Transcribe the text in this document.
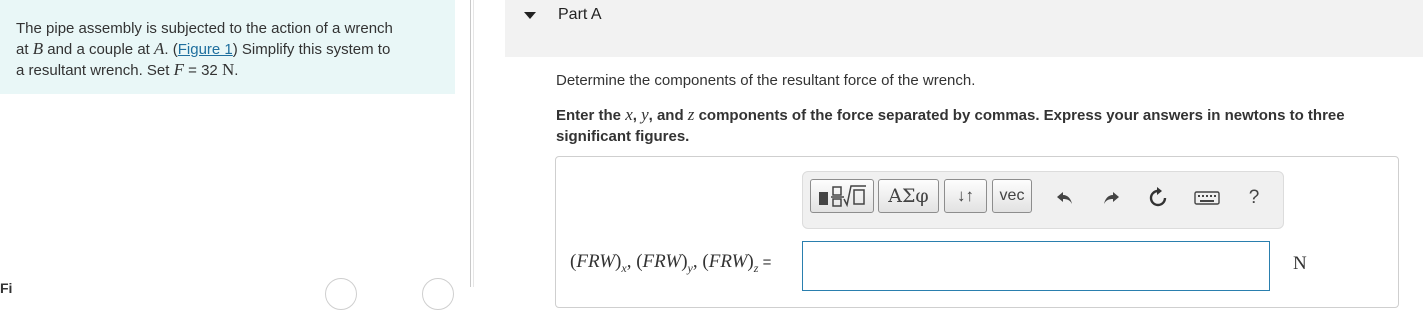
The pipe assembly is subjected to the action of a wrench
at B and a couple at A. (Figure 1) Simplify this system to
a resultant wrench. Set F = 32 N.
Fi
Part A
Determine the components of the resultant force of the wrench.
Enter the x, y, and z components of the force separated by commas. Express your answers in newtons to three significant figures.
ΑΣφ	↓↑	vec	?
$(F_{RW})_x$, $(F_{RW})_y$, $(F_{RW})_z$ =	N
